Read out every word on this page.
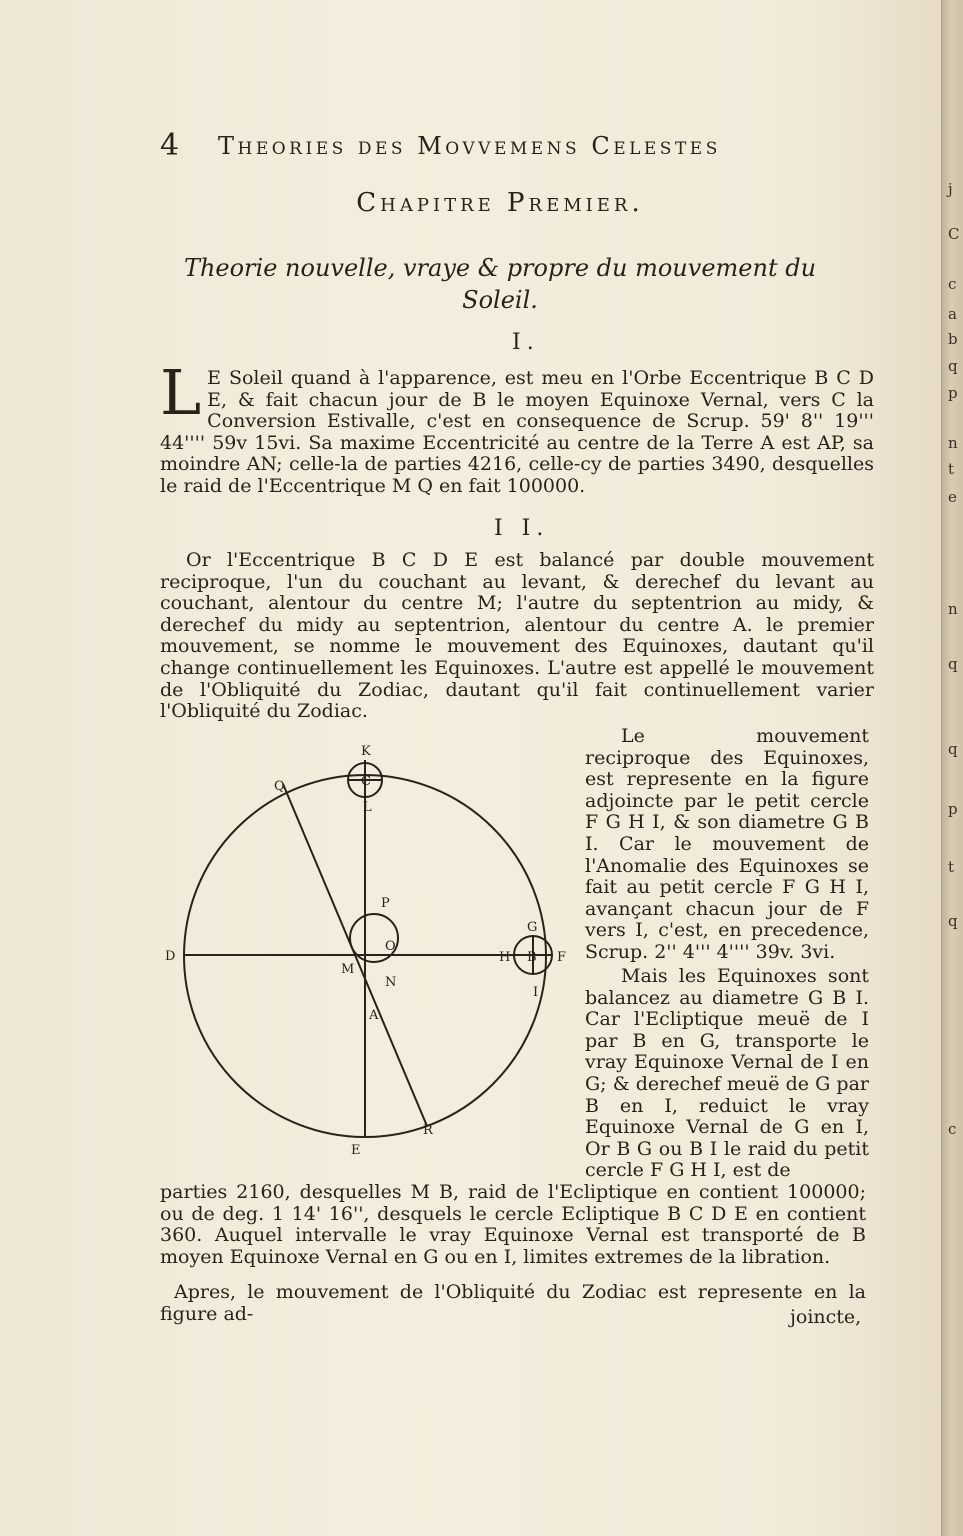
4 Theories des Movvemens Celestes
Chapitre Premier.
Theorie nouvelle, vraye & propre du mouvement du Soleil.
I.

L E Soleil quand à l'apparence, est meu en l'Orbe Eccentrique B C D E, & fait chacun jour de B le moyen Equinoxe Vernal, vers C la Conversion Estivalle, c'est en consequence de Scrup. 59' 8'' 19''' 44'''' 59v 15vi. Sa maxime Eccentricité au centre de la Terre A est AP, sa moindre AN; celle-la de parties 4216, celle-cy de parties 3490, desquelles le raid de l'Eccentrique M Q en fait 100000.

I I.

Or l'Eccentrique B C D E est balancé par double mouvement reciproque, l'un du couchant au levant, & derechef du levant au couchant, alentour du centre M; l'autre du septentrion au midy, & derechef du midy au septentrion, alentour du centre A. le premier mouvement, se nomme le mouvement des Equinoxes, dautant qu'il change continuellement les Equinoxes. L'autre est appellé le mouvement de l'Obliquité du Zodiac, dautant qu'il fait continuellement varier l'Obliquité du Zodiac.

K
Q	C
L
P
O
G
D
M
N
H B F
I
A
E
R

Le mouvement reciproque des Equinoxes, est represente en la figure adjoincte par le petit cercle F G H I, & son diametre G B I. Car le mouvement de l'Anomalie des Equinoxes se fait au petit cercle F G H I, avançant chacun jour de F vers I, c'est, en precedence, Scrup. 2'' 4''' 4'''' 39v. 3vi.

Mais les Equinoxes sont balancez au diametre G B I. Car l'Ecliptique meuë de I par B en G, transporte le vray Equinoxe Vernal de I en G; & derechef meuë de G par B en I, reduict le vray Equinoxe Vernal de G en I, Or B G ou B I le raid du petit cercle F G H I, est de

parties 2160, desquelles M B, raid de l'Ecliptique en contient 100000; ou de deg. 1 14' 16'', desquels le cercle Ecliptique B C D E en contient 360. Auquel intervalle le vray Equinoxe Vernal est transporté de B moyen Equinoxe Vernal en G ou en I, limites extremes de la libration.

Apres, le mouvement de l'Obliquité du Zodiac est represente en la figure ad-	joincte,
j
C
c
a
b
q
p
n
t
e
n
q
q
p
t
q
c
